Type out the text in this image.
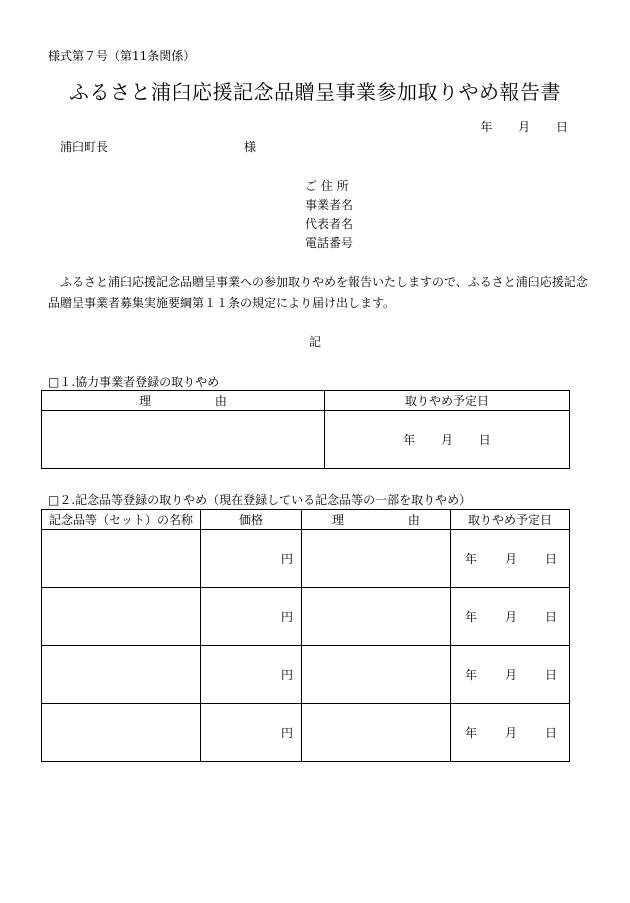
様式第７号（第11条関係）
ふるさと浦臼応援記念品贈呈事業参加取りやめ報告書
年 月 日
浦臼町長	様
ご 住 所
事業者名
代表者名
電話番号
ふるさと浦臼応援記念品贈呈事業への参加取りやめを報告いたしますので、ふるさと浦臼応援記念品贈呈事業者募集実施要綱第１１条の規定により届け出します。
記
□１.協力事業者登録の取りやめ
理 由	取りやめ予定日
	年 月 日
□２.記念品等登録の取りやめ（現在登録している記念品等の一部を取りやめ）
記念品等（セット）の名称	価格	理 由	取りやめ予定日
	円		年 月 日

	円		年 月 日

	円		年 月 日

	円		年 月 日
